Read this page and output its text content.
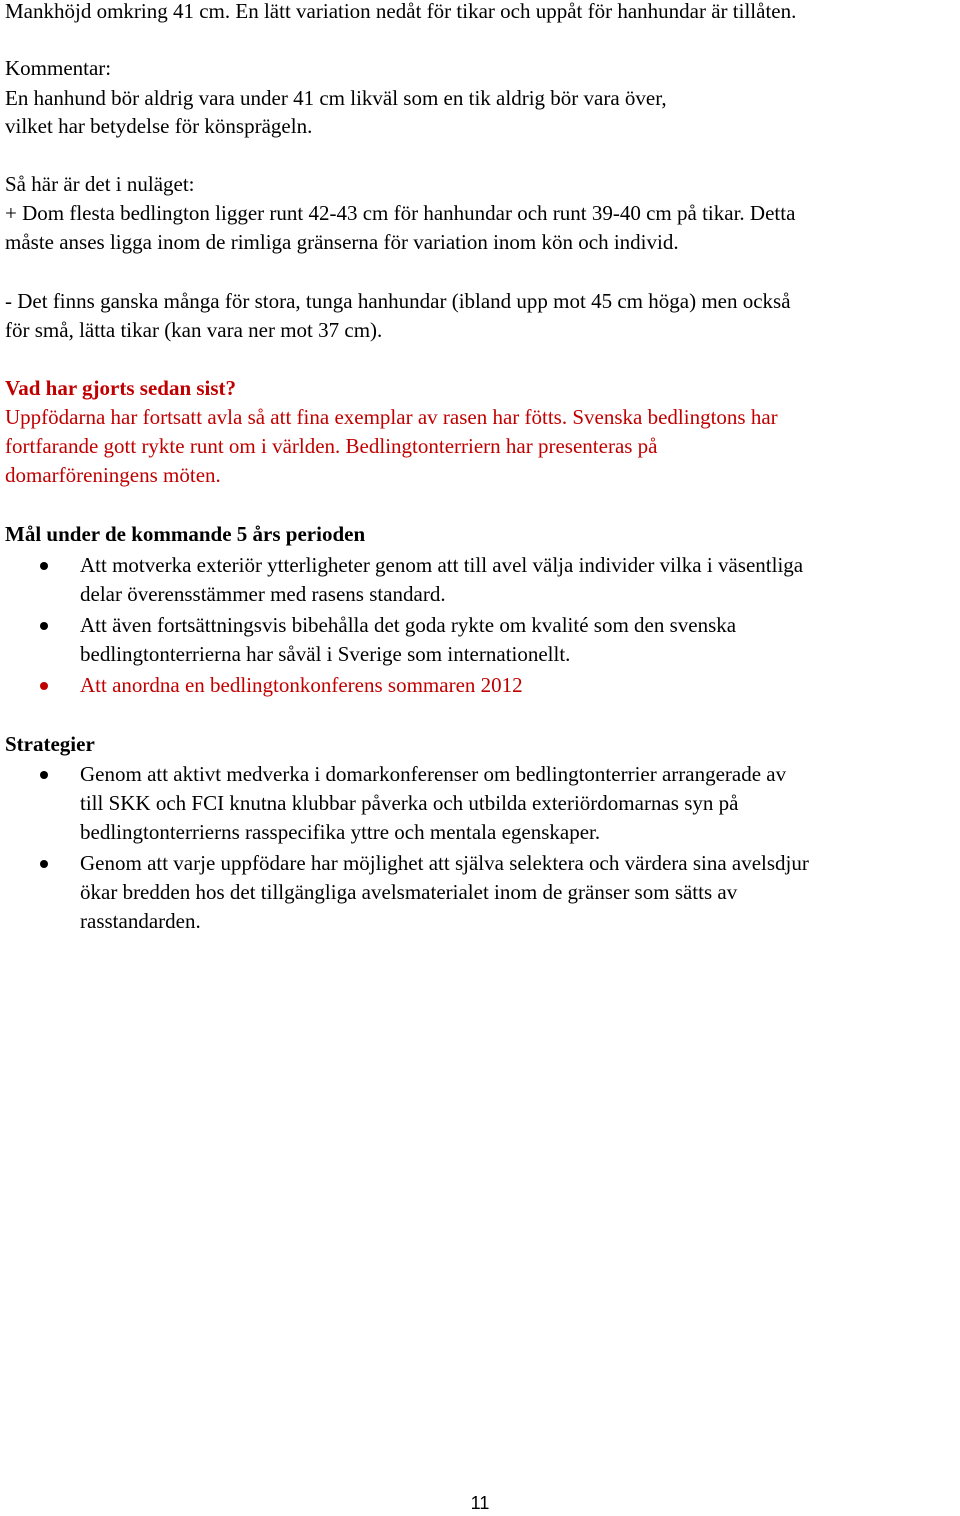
Mankhöjd omkring 41 cm. En lätt variation nedåt för tikar och uppåt för hanhundar är tillåten.
Kommentar:
En hanhund bör aldrig vara under 41 cm likväl som en tik aldrig bör vara över,
vilket har betydelse för könsprägeln.
Så här är det i nuläget:
+ Dom flesta bedlington ligger runt 42-43 cm för hanhundar och runt 39-40 cm på tikar. Detta
måste anses ligga inom de rimliga gränserna för variation inom kön och individ.
- Det finns ganska många för stora, tunga hanhundar (ibland upp mot 45 cm höga) men också
för små, lätta tikar (kan vara ner mot 37 cm).
Vad har gjorts sedan sist?
Uppfödarna har fortsatt avla så att fina exemplar av rasen har fötts. Svenska bedlingtons har
fortfarande gott rykte runt om i världen. Bedlingtonterriern har presenteras på
domarföreningens möten.
Mål under de kommande 5 års perioden
Att motverka exteriör ytterligheter genom att till avel välja individer vilka i väsentliga
delar överensstämmer med rasens standard.
Att även fortsättningsvis bibehålla det goda rykte om kvalité som den svenska
bedlingtonterrierna har såväl i Sverige som internationellt.
Att anordna en bedlingtonkonferens sommaren 2012
Strategier
Genom att aktivt medverka i domarkonferenser om bedlingtonterrier arrangerade av
till SKK och FCI knutna klubbar påverka och utbilda exteriördomarnas syn på
bedlingtonterrierns rasspecifika yttre och mentala egenskaper.
Genom att varje uppfödare har möjlighet att själva selektera och värdera sina avelsdjur
ökar bredden hos det tillgängliga avelsmaterialet inom de gränser som sätts av
rasstandarden.
11
